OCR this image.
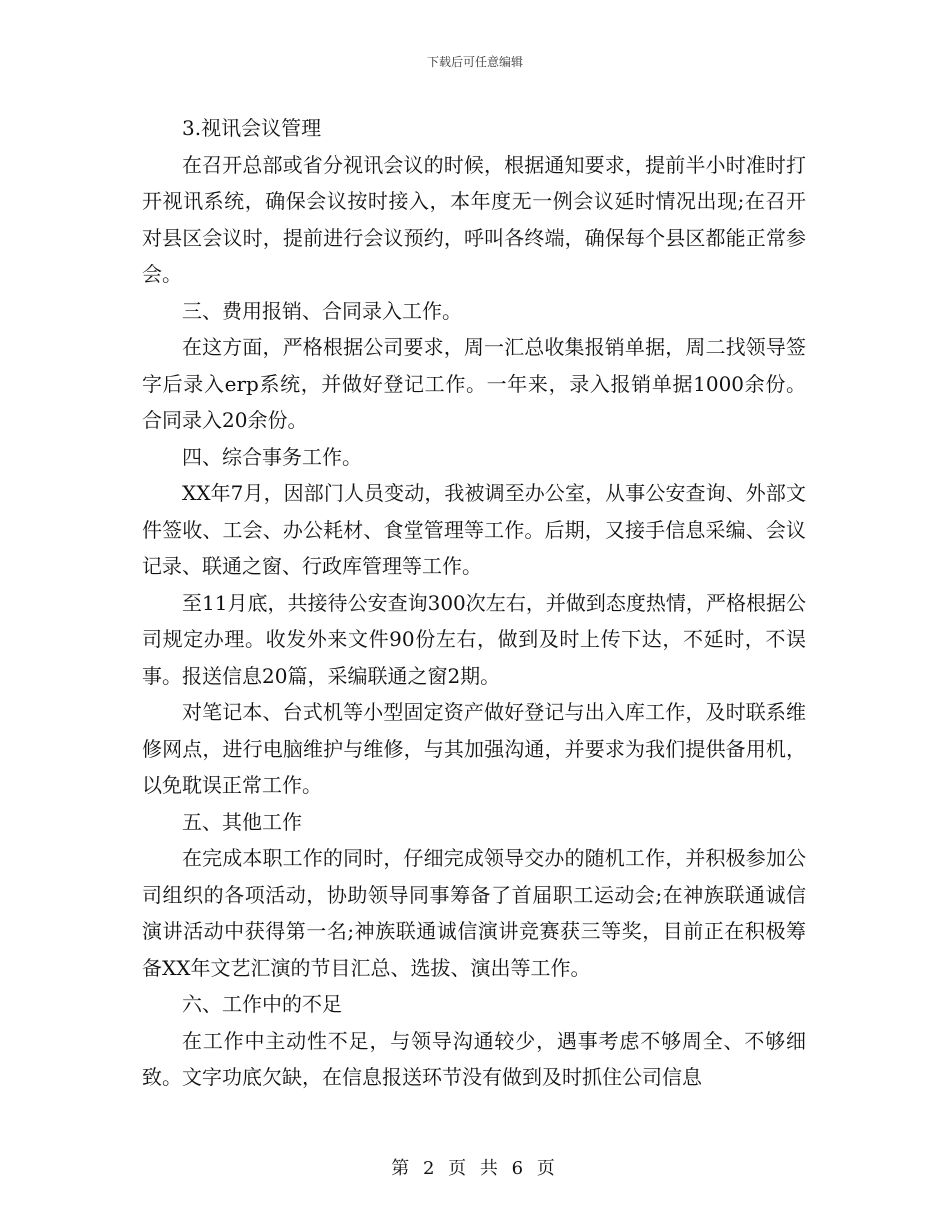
下载后可任意编辑

3.视讯会议管理

在召开总部或省分视讯会议的时候，根据通知要求，提前半小时准时打开视讯系统，确保会议按时接入，本年度无一例会议延时情况出现;在召开对县区会议时，提前进行会议预约，呼叫各终端，确保每个县区都能正常参会。

三、费用报销、合同录入工作。

在这方面，严格根据公司要求，周一汇总收集报销单据，周二找领导签字后录入erp系统，并做好登记工作。一年来，录入报销单据1000余份。合同录入20余份。

四、综合事务工作。

XX年7月，因部门人员变动，我被调至办公室，从事公安查询、外部文件签收、工会、办公耗材、食堂管理等工作。后期，又接手信息采编、会议记录、联通之窗、行政库管理等工作。

至11月底，共接待公安查询300次左右，并做到态度热情，严格根据公司规定办理。收发外来文件90份左右，做到及时上传下达，不延时，不误事。报送信息20篇，采编联通之窗2期。

对笔记本、台式机等小型固定资产做好登记与出入库工作，及时联系维修网点，进行电脑维护与维修，与其加强沟通，并要求为我们提供备用机，以免耽误正常工作。

五、其他工作

在完成本职工作的同时，仔细完成领导交办的随机工作，并积极参加公司组织的各项活动，协助领导同事筹备了首届职工运动会;在神族联通诚信演讲活动中获得第一名;神族联通诚信演讲竞赛获三等奖，目前正在积极筹备XX年文艺汇演的节目汇总、选拔、演出等工作。

六、工作中的不足

在工作中主动性不足，与领导沟通较少，遇事考虑不够周全、不够细致。文字功底欠缺，在信息报送环节没有做到及时抓住公司信息

第 2 页 共 6 页
